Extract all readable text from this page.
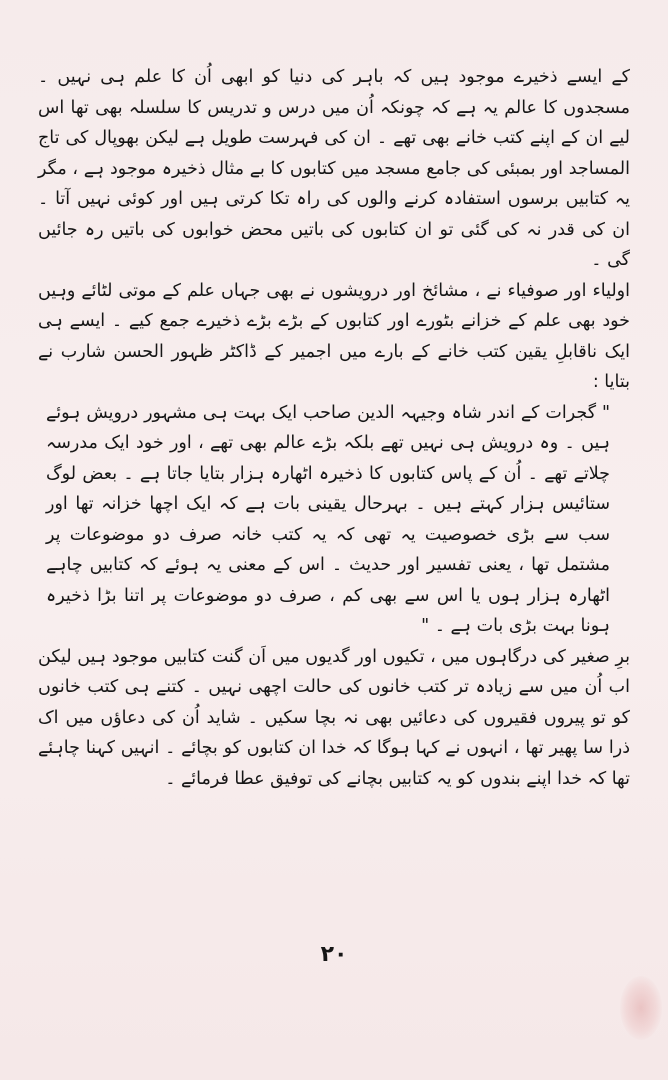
کے ایسے ذخیرے موجود ہیں کہ باہر کی دنیا کو ابھی اُن کا علم ہی نہیں ۔ مسجدوں کا عالم یہ ہے کہ چونکہ اُن میں درس و تدریس کا سلسلہ بھی تھا اس لیے ان کے اپنے کتب خانے بھی تھے ۔ ان کی فہرست طویل ہے لیکن بھوپال کی تاج المساجد اور بمبئی کی جامع مسجد میں کتابوں کا بے مثال ذخیرہ موجود ہے ، مگر یہ کتابیں برسوں استفادہ کرنے والوں کی راہ تکا کرتی ہیں اور کوئی نہیں آتا ۔ ان کی قدر نہ کی گئی تو ان کتابوں کی باتیں محض خوابوں کی باتیں رہ جائیں گی ۔

اولیاء اور صوفیاء نے ، مشائخ اور درویشوں نے بھی جہاں علم کے موتی لٹائے وہیں خود بھی علم کے خزانے بٹورے اور کتابوں کے بڑے بڑے ذخیرے جمع کیے ۔ ایسے ہی ایک ناقابلِ یقین کتب خانے کے بارے میں اجمیر کے ڈاکٹر ظہور الحسن شارب نے بتایا :

" گجرات کے اندر شاہ وجیہہ الدین صاحب ایک بہت ہی مشہور درویش ہوئے ہیں ۔ وہ درویش ہی نہیں تھے بلکہ بڑے عالم بھی تھے ، اور خود ایک مدرسہ چلاتے تھے ۔ اُن کے پاس کتابوں کا ذخیرہ اٹھارہ ہزار بتایا جاتا ہے ۔ بعض لوگ ستائیس ہزار کہتے ہیں ۔ بہرحال یقینی بات ہے کہ ایک اچھا خزانہ تھا اور سب سے بڑی خصوصیت یہ تھی کہ یہ کتب خانہ صرف دو موضوعات پر مشتمل تھا ، یعنی تفسیر اور حدیث ۔ اس کے معنی یہ ہوئے کہ کتابیں چاہے اٹھارہ ہزار ہوں یا اس سے بھی کم ، صرف دو موضوعات پر اتنا بڑا ذخیرہ ہونا بہت بڑی بات ہے ۔ "

برِ صغیر کی درگاہوں میں ، تکیوں اور گدیوں میں اَن گنت کتابیں موجود ہیں لیکن اب اُن میں سے زیادہ تر کتب خانوں کی حالت اچھی نہیں ۔ کتنے ہی کتب خانوں کو تو پیروں فقیروں کی دعائیں بھی نہ بچا سکیں ۔ شاید اُن کی دعاؤں میں اک ذرا سا پھیر تھا ، انہوں نے کہا ہوگا کہ خدا ان کتابوں کو بچائے ۔ انہیں کہنا چاہئے تھا کہ خدا اپنے بندوں کو یہ کتابیں بچانے کی توفیق عطا فرمائے ۔

۲۰
